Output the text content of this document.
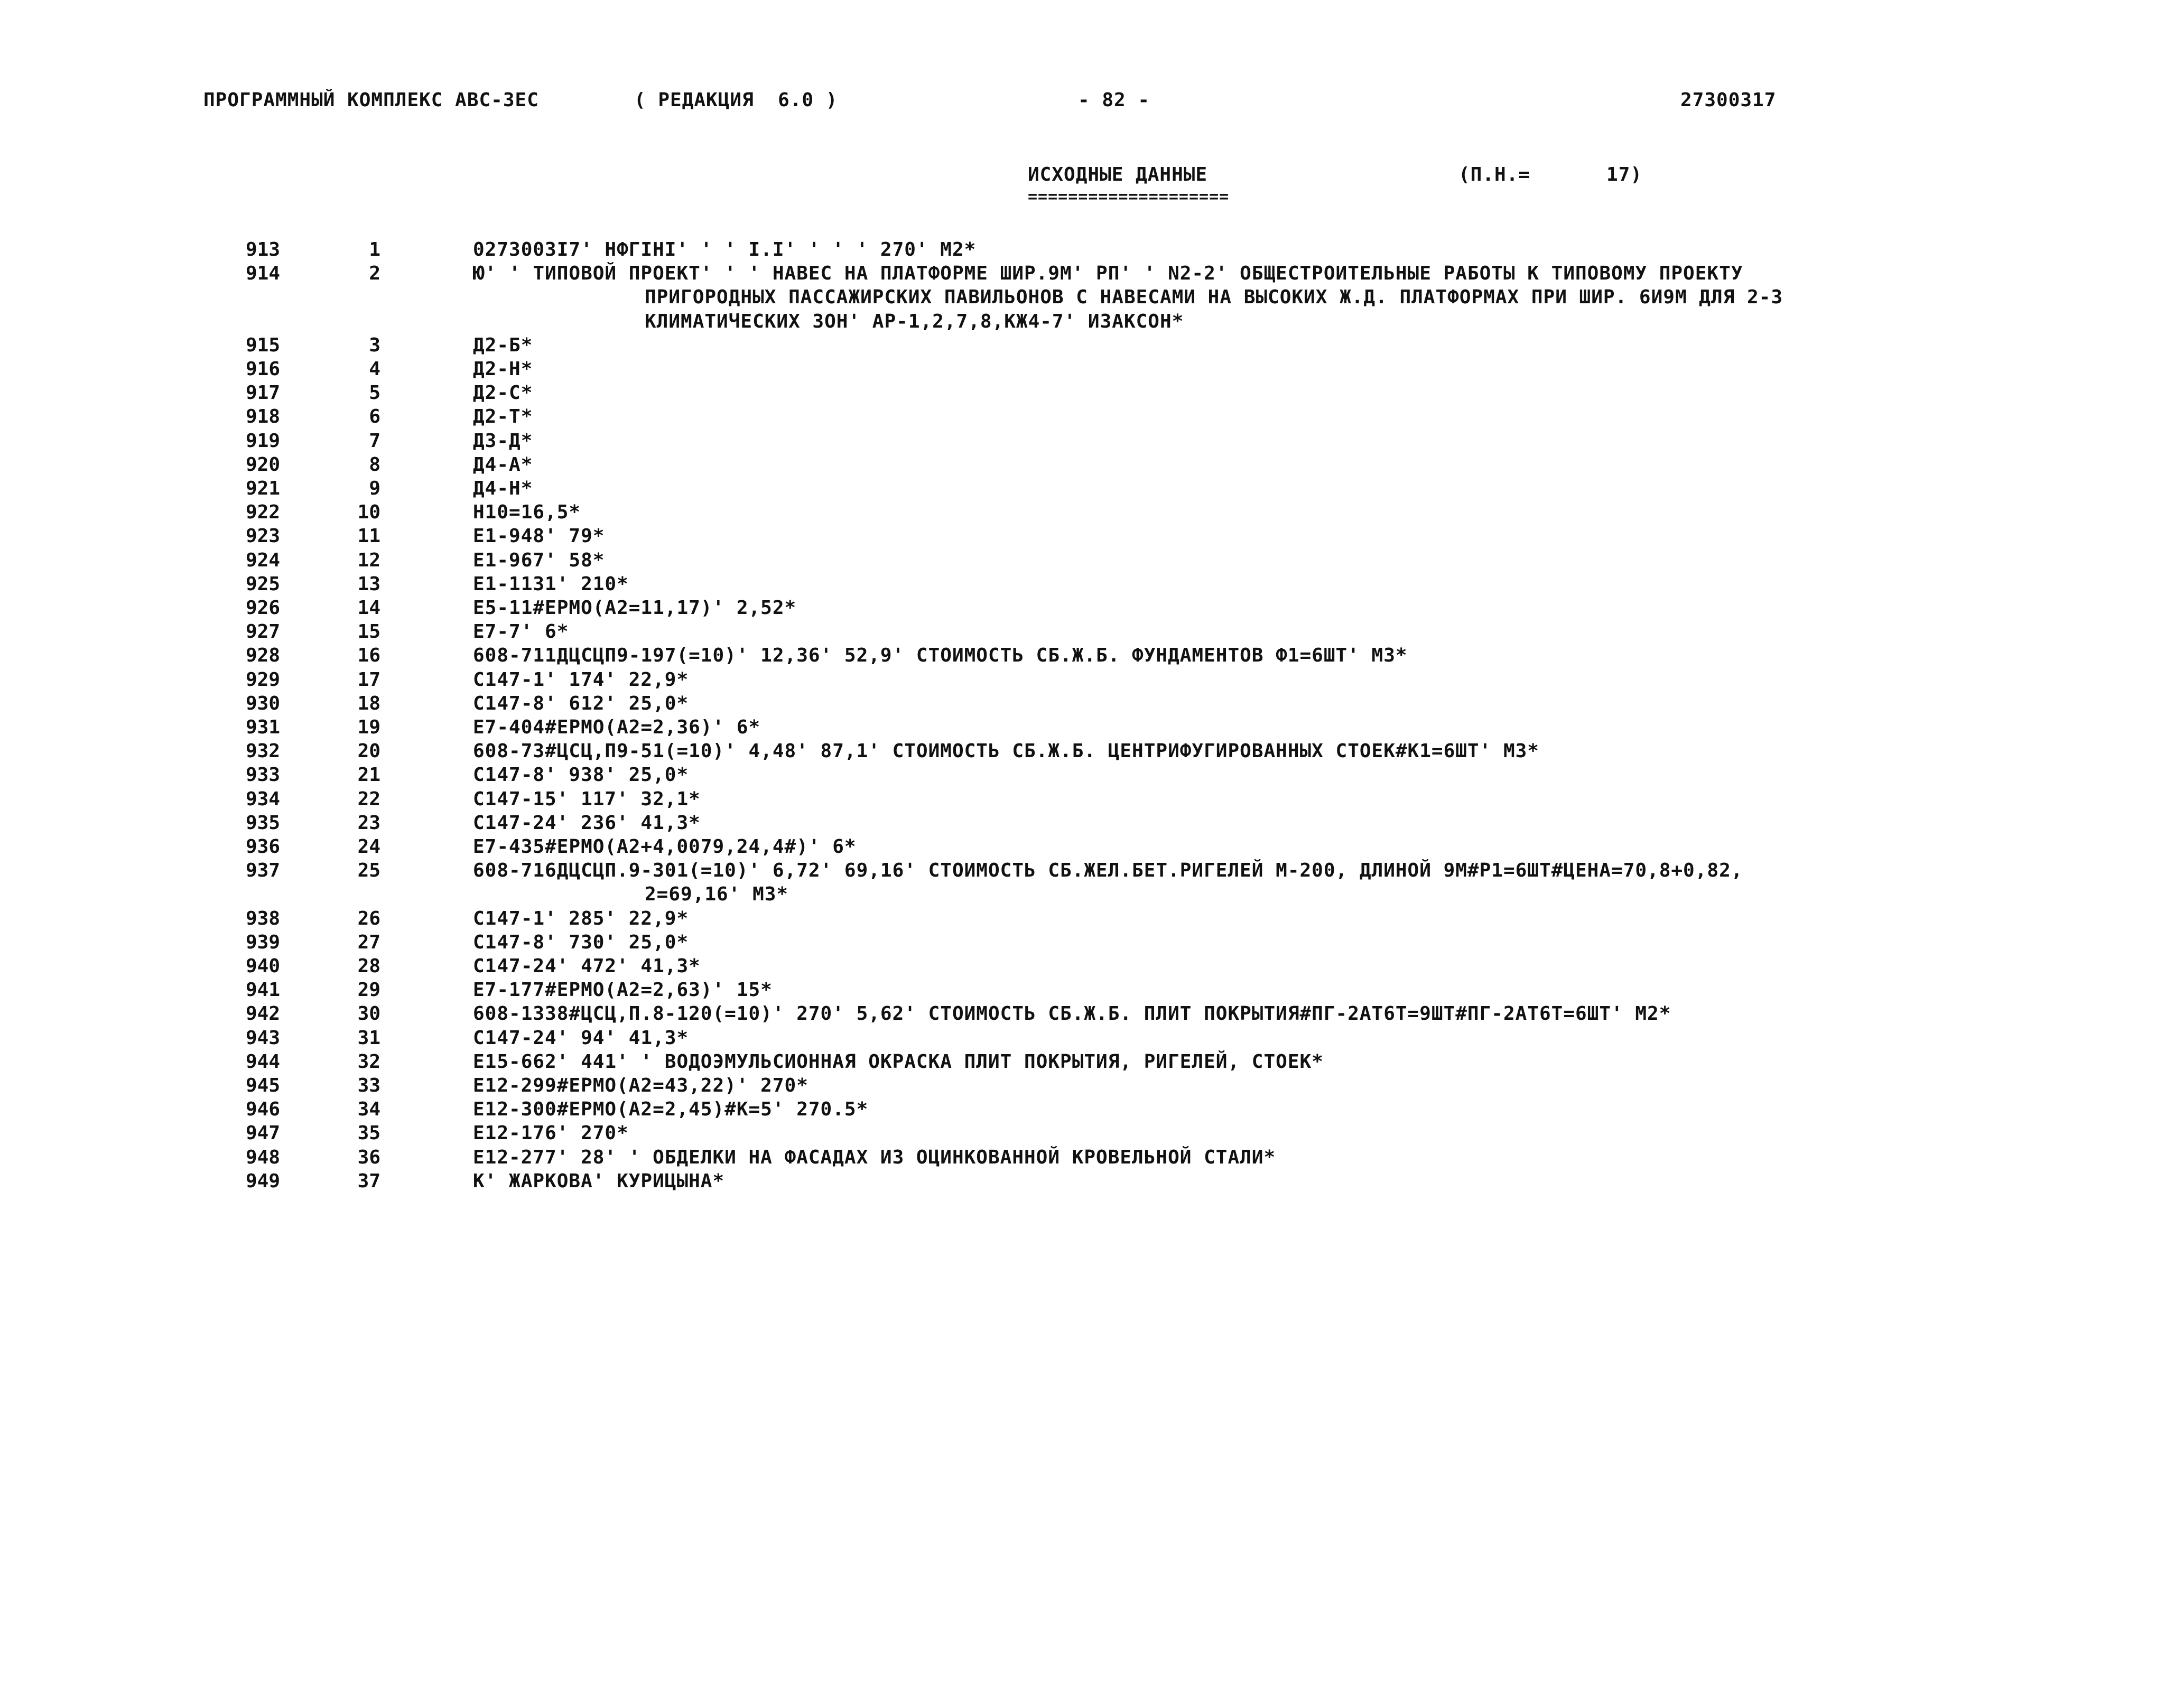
ПРОГРАММНЫЙ КОМПЛЕКС АВС-ЗЕС	( РЕДАКЦИЯ  6.0 )	- 82 -	27300317
ИСХОДНЫЕ ДАННЫЕ
====================
(П.Н.=	17)
913	1	0273003I7' НФГIНI' ' ' I.I' ' ' ' 270' М2*
914	2	Ю' ' ТИПОВОЙ ПРОЕКТ' ' ' НАВЕС НА ПЛАТФОРМЕ ШИР.9М' РП' ' N2-2' ОБЩЕСТРОИТЕЛЬНЫЕ РАБОТЫ К ТИПОВОМУ ПРОЕКТУ
ПРИГОРОДНЫХ ПАССАЖИРСКИХ ПАВИЛЬОНОВ С НАВЕСАМИ НА ВЫСОКИХ Ж.Д. ПЛАТФОРМАХ ПРИ ШИР. 6И9М ДЛЯ 2-3
КЛИМАТИЧЕСКИХ ЗОН' АР-1,2,7,8,КЖ4-7' ИЗАКСОН*
915	3	Д2-Б*
916	4	Д2-Н*
917	5	Д2-С*
918	6	Д2-Т*
919	7	Д3-Д*
920	8	Д4-А*
921	9	Д4-Н*
922	10	Н10=16,5*
923	11	Е1-948' 79*
924	12	Е1-967' 58*
925	13	Е1-1131' 210*
926	14	Е5-11#ЕРМО(А2=11,17)' 2,52*
927	15	Е7-7' 6*
928	16	608-711ДЦСЦП9-197(=10)' 12,36' 52,9' СТОИМОСТЬ СБ.Ж.Б. ФУНДАМЕНТОВ Ф1=6ШТ' М3*
929	17	С147-1' 174' 22,9*
930	18	С147-8' 612' 25,0*
931	19	Е7-404#ЕРМО(А2=2,36)' 6*
932	20	608-73#ЦСЦ,П9-51(=10)' 4,48' 87,1' СТОИМОСТЬ СБ.Ж.Б. ЦЕНТРИФУГИРОВАННЫХ СТОЕК#К1=6ШТ' М3*
933	21	С147-8' 938' 25,0*
934	22	С147-15' 117' 32,1*
935	23	С147-24' 236' 41,3*
936	24	Е7-435#ЕРМО(А2+4,0079,24,4#)' 6*
937	25	608-716ДЦСЦП.9-301(=10)' 6,72' 69,16' СТОИМОСТЬ СБ.ЖЕЛ.БЕТ.РИГЕЛЕЙ М-200, ДЛИНОЙ 9М#Р1=6ШТ#ЦЕНА=70,8+0,82,
2=69,16' М3*
938	26	С147-1' 285' 22,9*
939	27	С147-8' 730' 25,0*
940	28	С147-24' 472' 41,3*
941	29	Е7-177#ЕРМО(А2=2,63)' 15*
942	30	608-1338#ЦСЦ,П.8-120(=10)' 270' 5,62' СТОИМОСТЬ СБ.Ж.Б. ПЛИТ ПОКРЫТИЯ#ПГ-2АТ6Т=9ШТ#ПГ-2АТ6Т=6ШТ' М2*
943	31	С147-24' 94' 41,3*
944	32	Е15-662' 441' ' ВОДОЭМУЛЬСИОННАЯ ОКРАСКА ПЛИТ ПОКРЫТИЯ, РИГЕЛЕЙ, СТОЕК*
945	33	Е12-299#ЕРМО(А2=43,22)' 270*
946	34	Е12-300#ЕРМО(А2=2,45)#К=5' 270.5*
947	35	Е12-176' 270*
948	36	Е12-277' 28' ' ОБДЕЛКИ НА ФАСАДАХ ИЗ ОЦИНКОВАННОЙ КРОВЕЛЬНОЙ СТАЛИ*
949	37	К' ЖАРКОВА' КУРИЦЫНА*
